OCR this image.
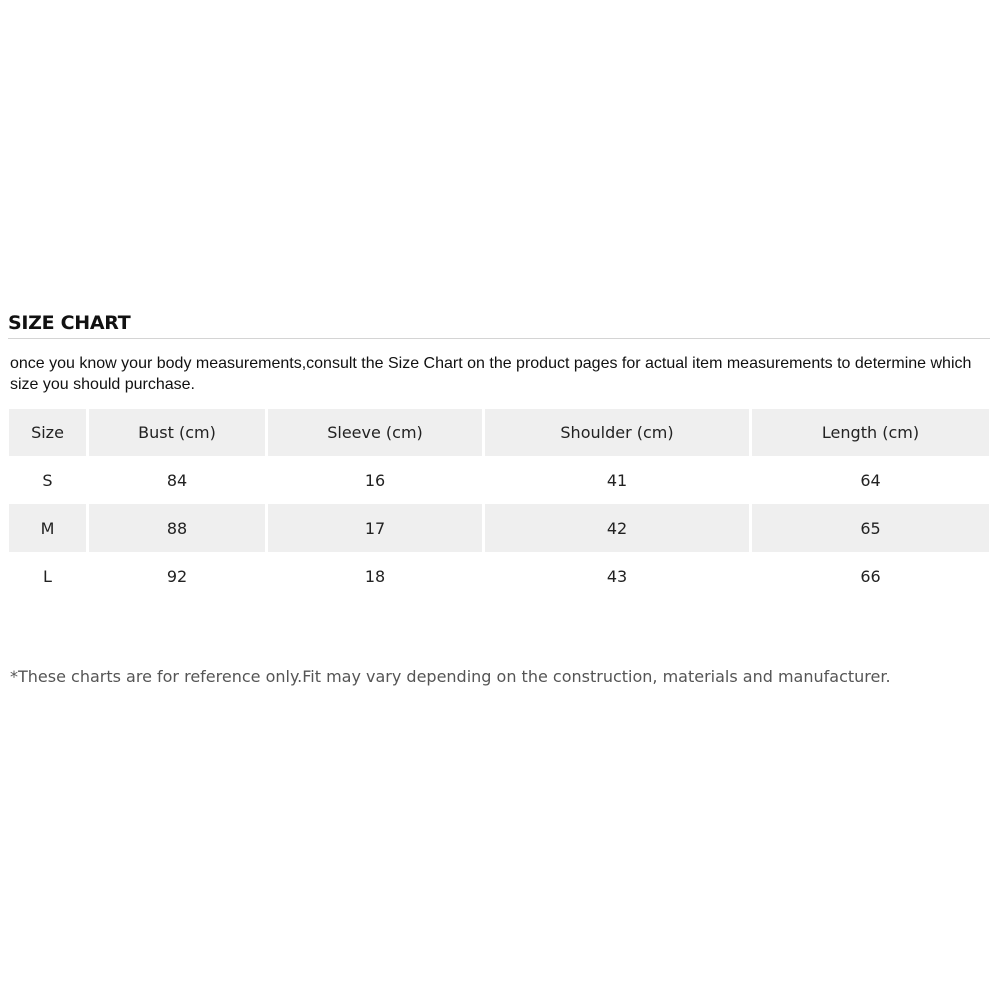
SIZE CHART

once you know your body measurements,consult the Size Chart on the product pages for actual item measurements to determine which size you should purchase.

Size	Bust (cm)	Sleeve (cm)	Shoulder (cm)	Length (cm)
S	84	16	41	64
M	88	17	42	65
L	92	18	43	66

*These charts are for reference only.Fit may vary depending on the construction, materials and manufacturer.
